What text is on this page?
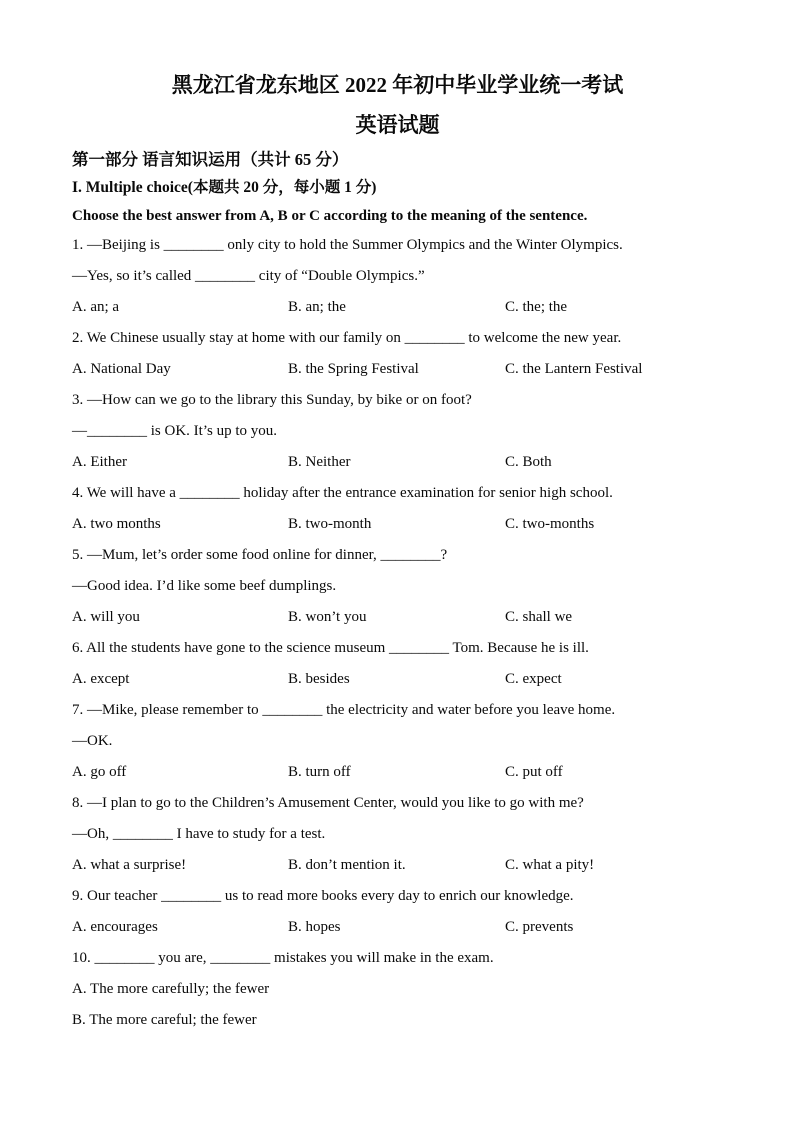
黑龙江省龙东地区 2022 年初中毕业学业统一考试
英语试题
第一部分 语言知识运用（共计 65 分）
I. Multiple choice(本题共 20 分，每小题 1 分)
Choose the best answer from A, B or C according to the meaning of the sentence.

1. —Beijing is ________ only city to hold the Summer Olympics and the Winter Olympics.

—Yes, so it’s called ________ city of “Double Olympics.”

A. an; a	B. an; the	C. the; the

2. We Chinese usually stay at home with our family on ________ to welcome the new year.

A. National Day	B. the Spring Festival	C. the Lantern Festival

3. —How can we go to the library this Sunday, by bike or on foot?

—________ is OK. It’s up to you.

A. Either	B. Neither	C. Both

4. We will have a ________ holiday after the entrance examination for senior high school.

A. two months	B. two-month	C. two-months

5. —Mum, let’s order some food online for dinner, ________?

—Good idea. I’d like some beef dumplings.

A. will you	B. won’t you	C. shall we

6. All the students have gone to the science museum ________ Tom. Because he is ill.

A. except	B. besides	C. expect

7. —Mike, please remember to ________ the electricity and water before you leave home.

—OK.

A. go off	B. turn off	C. put off

8. —I plan to go to the Children’s Amusement Center, would you like to go with me?

—Oh, ________ I have to study for a test.

A. what a surprise!	B. don’t mention it.	C. what a pity!

9. Our teacher ________ us to read more books every day to enrich our knowledge.

A. encourages	B. hopes	C. prevents

10. ________ you are, ________ mistakes you will make in the exam.

A. The more carefully; the fewer

B. The more careful; the fewer
